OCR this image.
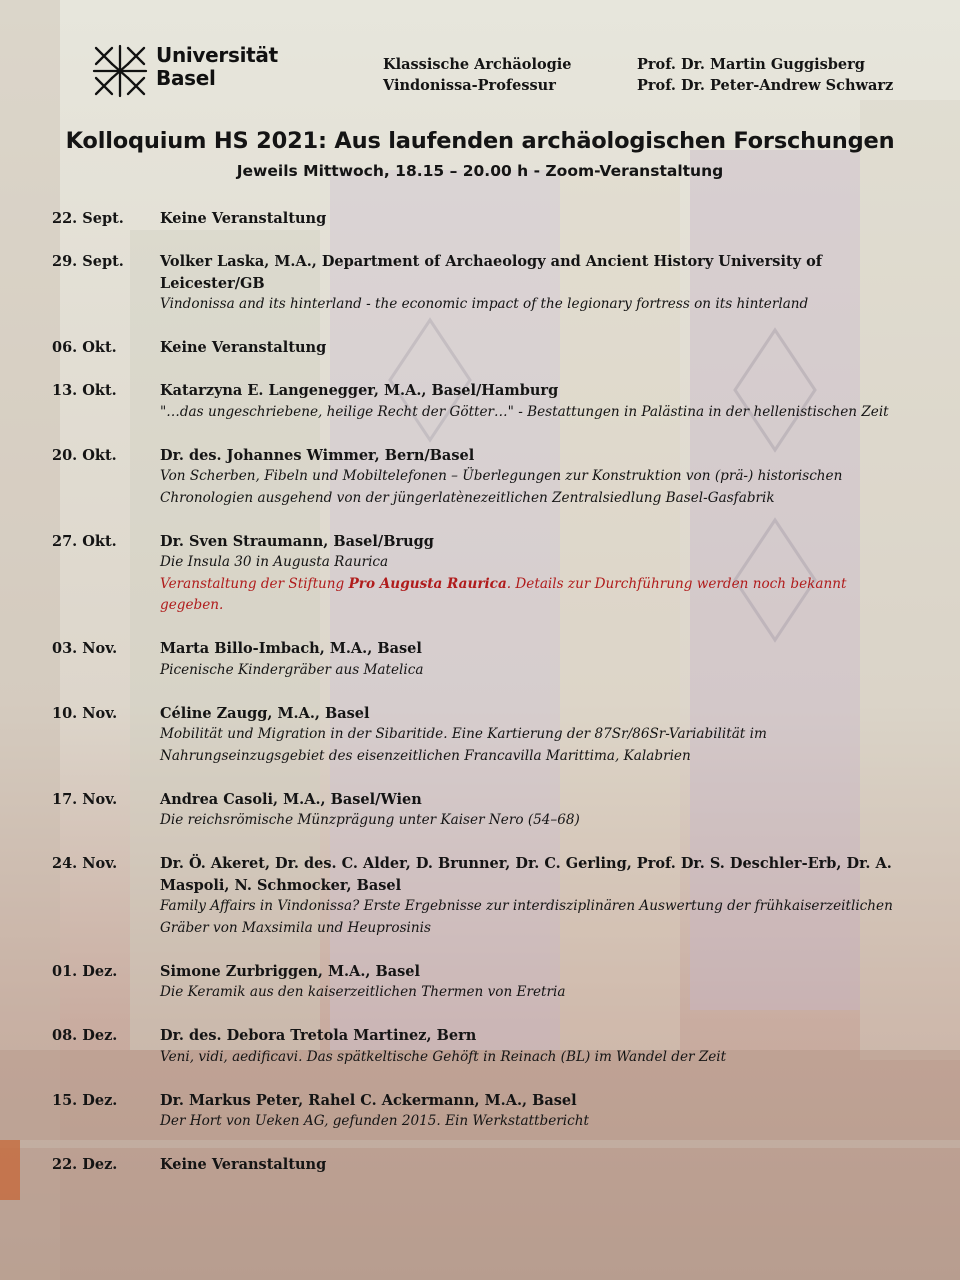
Universität
Basel
Klassische Archäologie
Vindonissa-Professur
Prof. Dr. Martin Guggisberg
Prof. Dr. Peter-Andrew Schwarz
Kolloquium HS 2021: Aus laufenden archäologischen Forschungen
Jeweils Mittwoch, 18.15 – 20.00 h - Zoom-Veranstaltung
22. Sept.	Keine Veranstaltung
29. Sept.	Volker Laska, M.A., Department of Archaeology and Ancient History University of Leicester/GB
Vindonissa and its hinterland - the economic impact of the legionary fortress on its hinterland
06. Okt.	Keine Veranstaltung
13. Okt.	Katarzyna E. Langenegger, M.A., Basel/Hamburg
"…das ungeschriebene, heilige Recht der Götter…" - Bestattungen in Palästina in der hellenistischen Zeit
20. Okt.	Dr. des. Johannes Wimmer, Bern/Basel
Von Scherben, Fibeln und Mobiltelefonen – Überlegungen zur Konstruktion von (prä-) historischen Chronologien ausgehend von der jüngerlatènezeitlichen Zentralsiedlung Basel-Gasfabrik
27. Okt.	Dr. Sven Straumann, Basel/Brugg
Die Insula 30 in Augusta Raurica
Veranstaltung der Stiftung Pro Augusta Raurica. Details zur Durchführung werden noch bekannt gegeben.
03. Nov.	Marta Billo-Imbach, M.A., Basel
Picenische Kindergräber aus Matelica
10. Nov.	Céline Zaugg, M.A., Basel
Mobilität und Migration in der Sibaritide. Eine Kartierung der 87Sr/86Sr-Variabilität im Nahrungseinzugsgebiet des eisenzeitlichen Francavilla Marittima, Kalabrien
17. Nov.	Andrea Casoli, M.A., Basel/Wien
Die reichsrömische Münzprägung unter Kaiser Nero (54–68)
24. Nov.	Dr. Ö. Akeret, Dr. des. C. Alder, D. Brunner, Dr. C. Gerling, Prof. Dr. S. Deschler-Erb, Dr. A. Maspoli, N. Schmocker, Basel
Family Affairs in Vindonissa? Erste Ergebnisse zur interdisziplinären Auswertung der frühkaiserzeitlichen Gräber von Maxsimila und Heuprosinis
01. Dez.	Simone Zurbriggen, M.A., Basel
Die Keramik aus den kaiserzeitlichen Thermen von Eretria
08. Dez.	Dr. des. Debora Tretola Martinez, Bern
Veni, vidi, aedificavi. Das spätkeltische Gehöft in Reinach (BL) im Wandel der Zeit
15. Dez.	Dr. Markus Peter, Rahel C. Ackermann, M.A., Basel
Der Hort von Ueken AG, gefunden 2015. Ein Werkstattbericht
22. Dez.	Keine Veranstaltung
